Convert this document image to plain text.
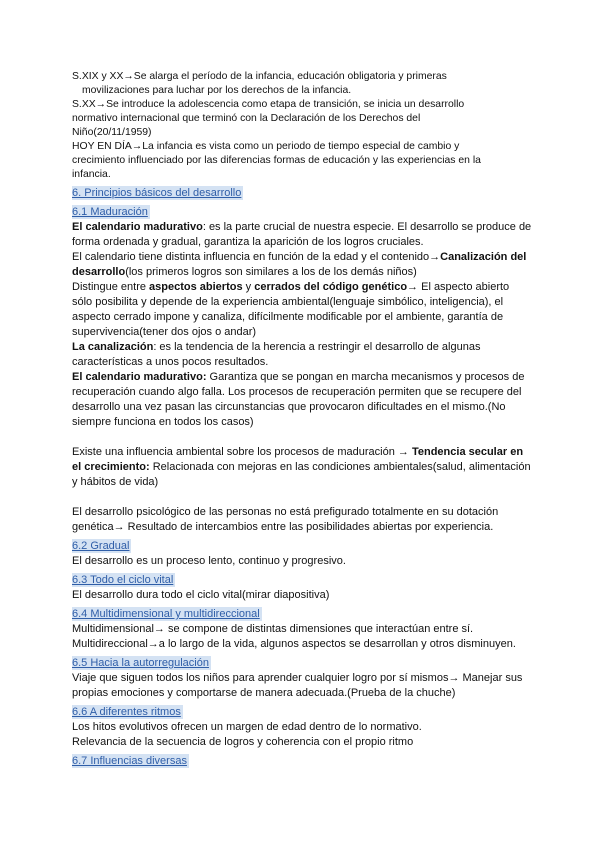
S.XIX y XX→Se alarga el período de la infancia, educación obligatoria y primeras
movilizaciones para luchar por los derechos de la infancia.

S.XX→Se introduce la adolescencia como etapa de transición, se inicia un desarrollo
normativo internacional que terminó con la Declaración de los Derechos del
Niño(20/11/1959)

HOY EN DÍA→La infancia es vista como un periodo de tiempo especial de cambio y
crecimiento influenciado por las diferencias formas de educación y las experiencias en la
infancia.

6. Principios básicos del desarrollo
6.1 Maduración

El calendario madurativo: es la parte crucial de nuestra especie. El desarrollo se produce de forma ordenada y gradual, garantiza la aparición de los logros cruciales.

El calendario tiene distinta influencia en función de la edad y el contenido→Canalización del desarrollo(los primeros logros son similares a los de los demás niños)

Distingue entre aspectos abiertos y cerrados del código genético→ El aspecto abierto sólo posibilita y depende de la experiencia ambiental(lenguaje simbólico, inteligencia), el aspecto cerrado impone y canaliza, difícilmente modificable por el ambiente, garantía de supervivencia(tener dos ojos o andar)

La canalización: es la tendencia de la herencia a restringir el desarrollo de algunas características a unos pocos resultados.

El calendario madurativo: Garantiza que se pongan en marcha mecanismos y procesos de recuperación cuando algo falla. Los procesos de recuperación permiten que se recupere del desarrollo una vez pasan las circunstancias que provocaron dificultades en el mismo.(No siempre funciona en todos los casos)

Existe una influencia ambiental sobre los procesos de maduración → Tendencia secular en el crecimiento: Relacionada con mejoras en las condiciones ambientales(salud, alimentación y hábitos de vida)

El desarrollo psicológico de las personas no está prefigurado totalmente en su dotación genética→ Resultado de intercambios entre las posibilidades abiertas por experiencia.

6.2 Gradual

El desarrollo es un proceso lento, continuo y progresivo.

6.3 Todo el ciclo vital

El desarrollo dura todo el ciclo vital(mirar diapositiva)

6.4 Multidimensional y multidireccional

Multidimensional→ se compone de distintas dimensiones que interactúan entre sí.

Multidireccional→a lo largo de la vida, algunos aspectos se desarrollan y otros disminuyen.

6.5 Hacia la autorregulación

Viaje que siguen todos los niños para aprender cualquier logro por sí mismos→ Manejar sus propias emociones y comportarse de manera adecuada.(Prueba de la chuche)

6.6 A diferentes ritmos

Los hitos evolutivos ofrecen un margen de edad dentro de lo normativo.

Relevancia de la secuencia de logros y coherencia con el propio ritmo

6.7 Influencias diversas
